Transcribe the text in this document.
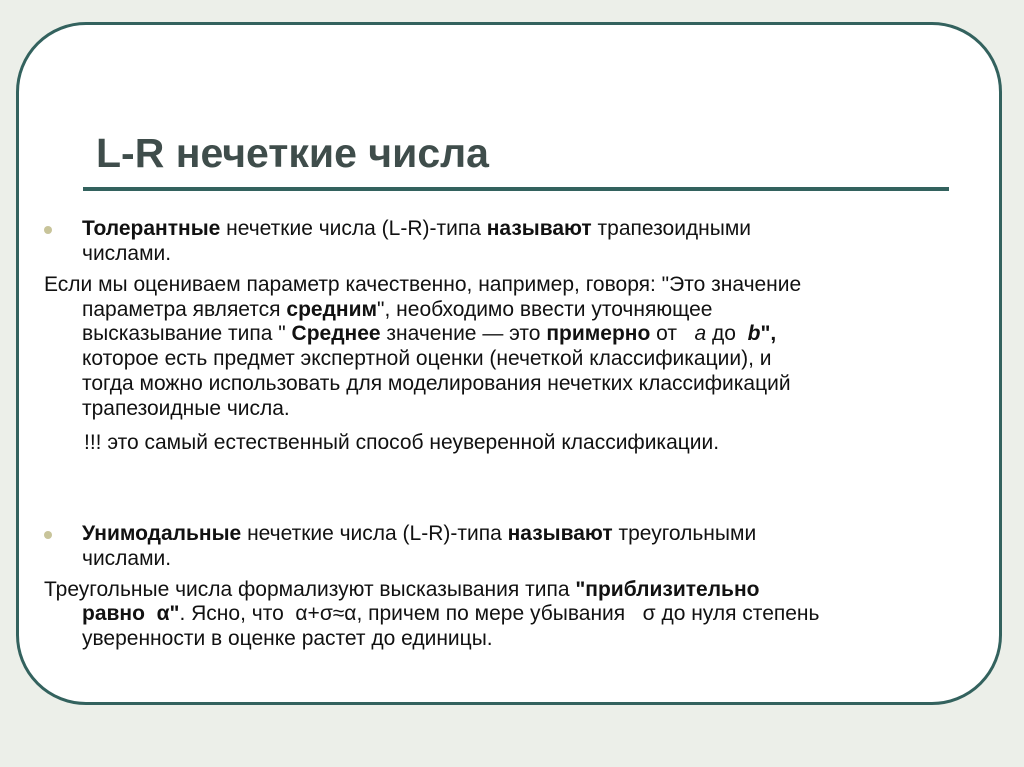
L-R нечеткие числа
Толерантные нечеткие числа (L-R)-типа называют трапезоидными
числами.
Если мы оцениваем параметр качественно, например, говоря: "Это значение
параметра является средним", необходимо ввести уточняющее
высказывание типа " Среднее значение — это примерно от   a до  b",
которое есть предмет экспертной оценки (нечеткой классификации), и
тогда можно использовать для моделирования нечетких классификаций
трапезоидные числа.
!!! это самый естественный способ неуверенной классификации.
Унимодальные нечеткие числа (L-R)-типа называют треугольными
числами.
Треугольные числа формализуют высказывания типа "приблизительно
равно  α". Ясно, что  α+σ≈α, причем по мере убывания   σ до нуля степень
уверенности в оценке растет до единицы.
